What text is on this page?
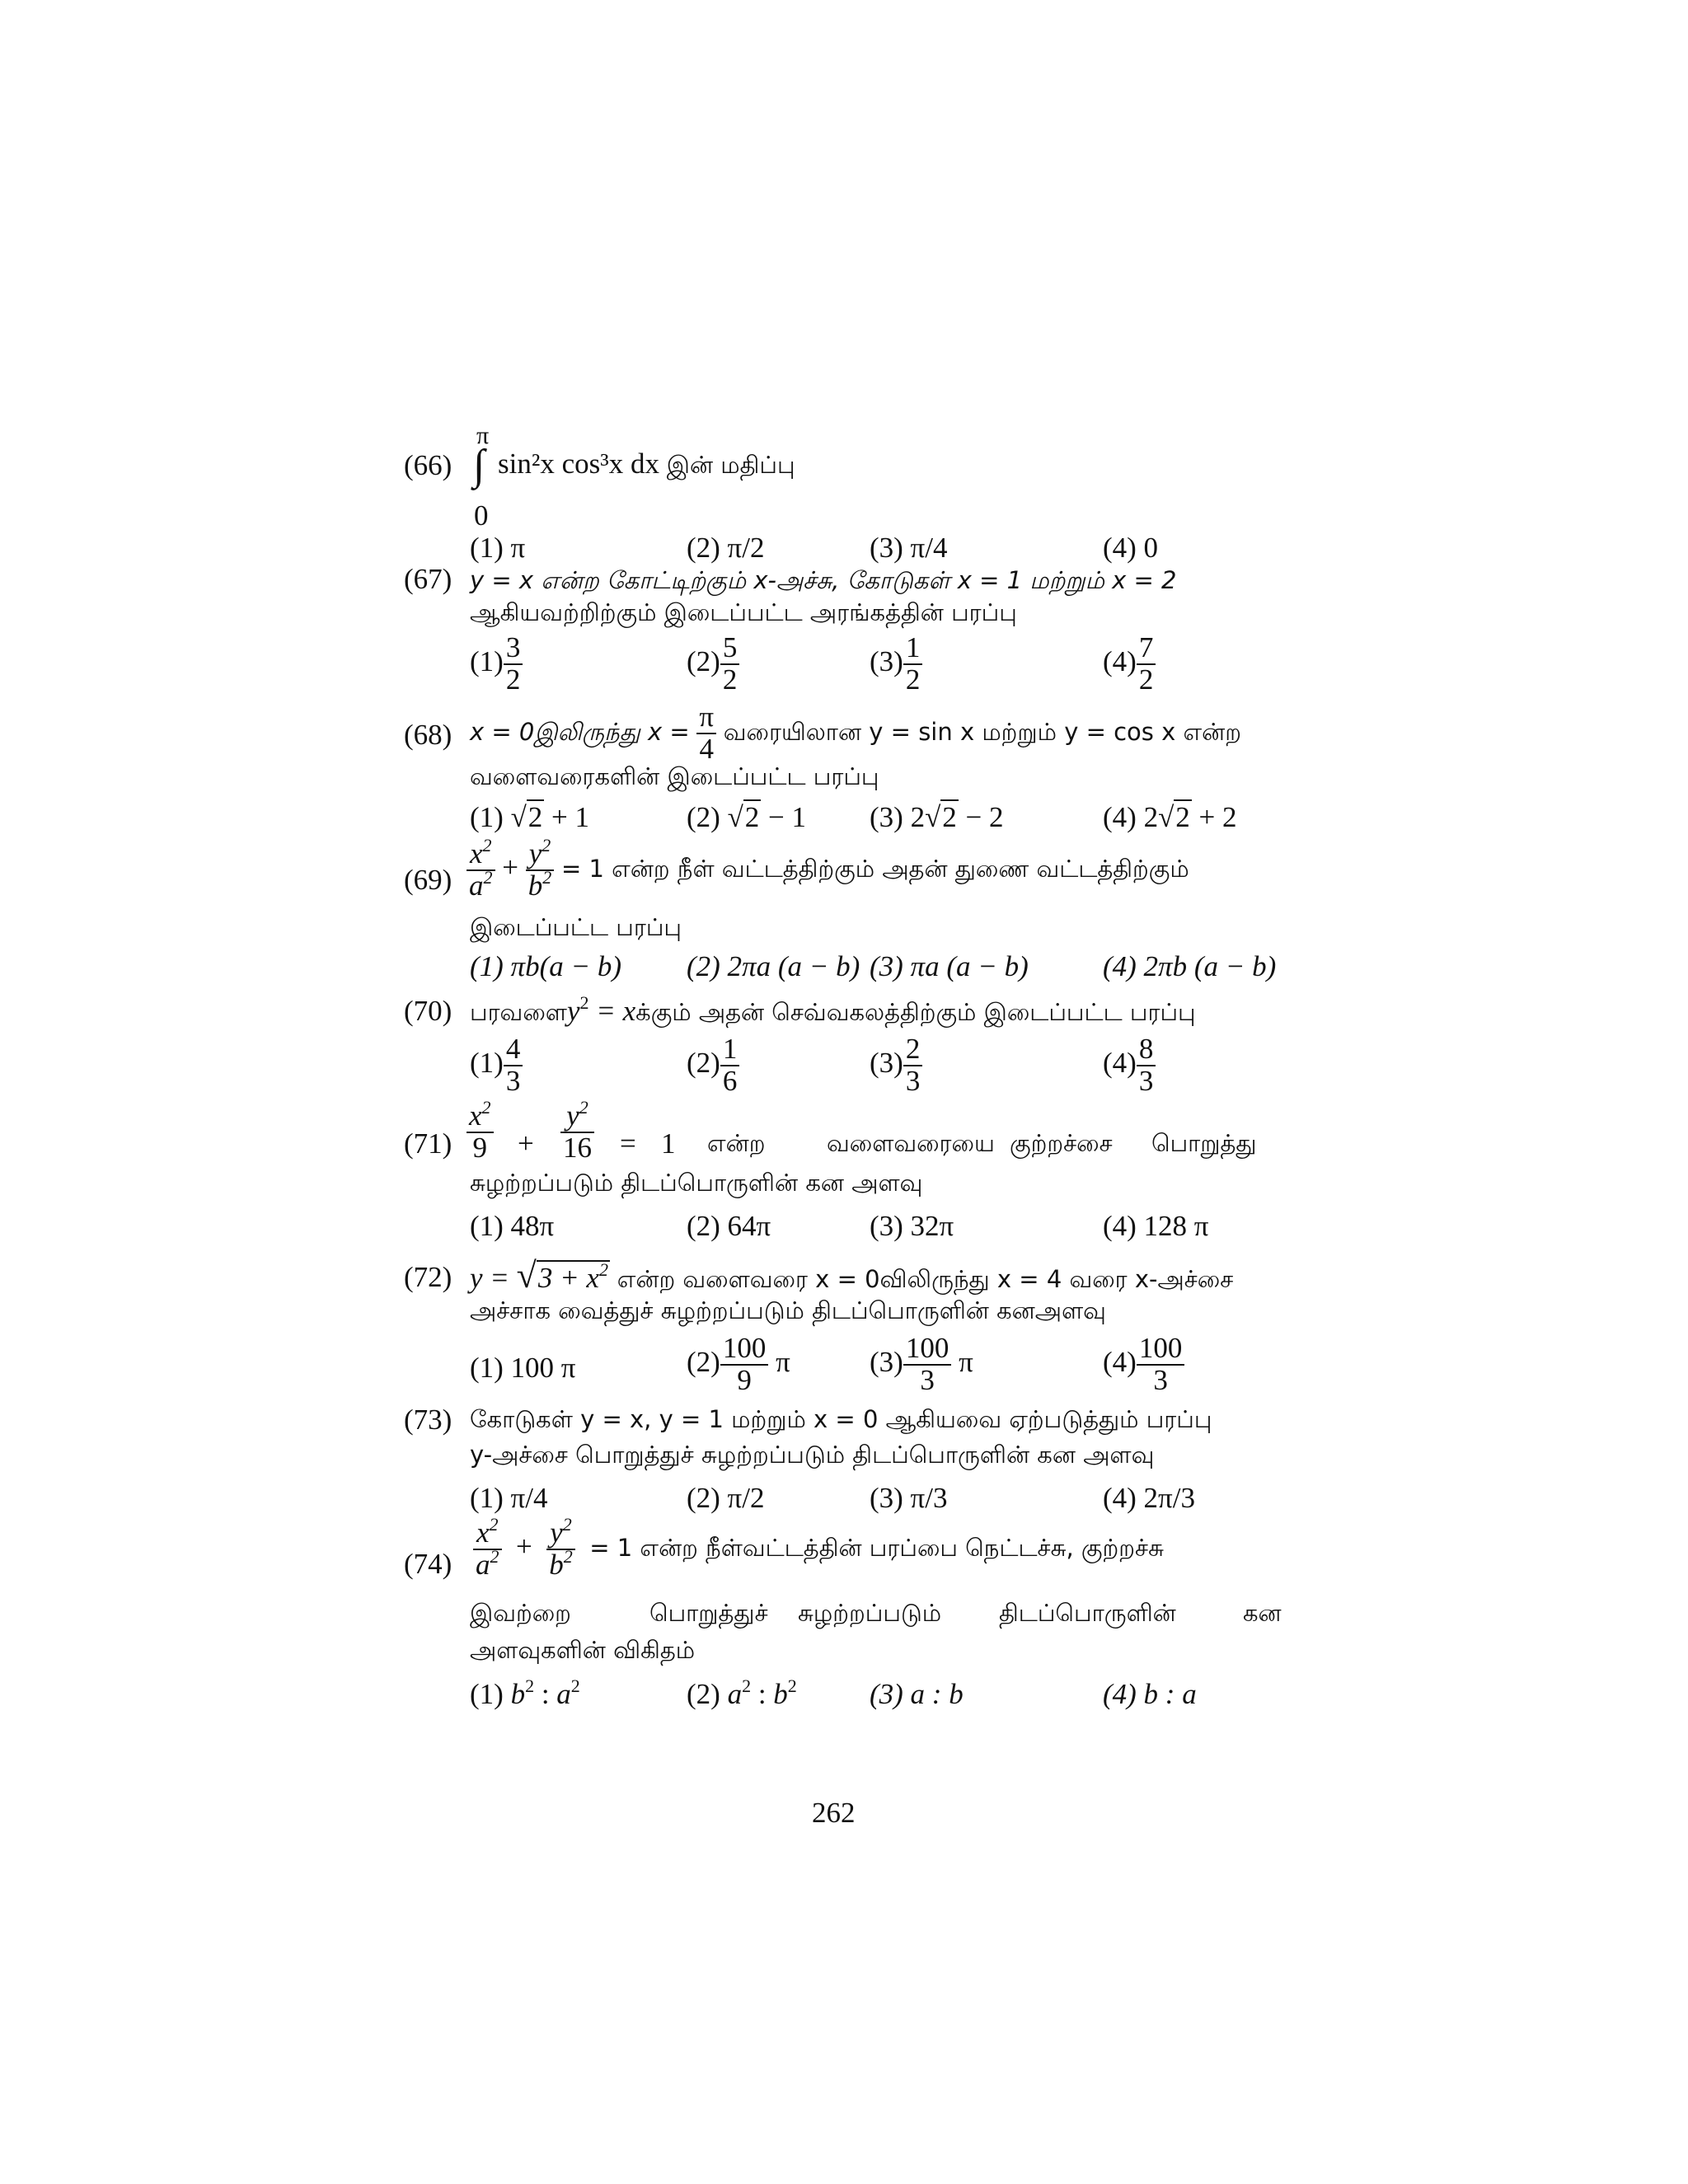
(66)
π
∫
0
sin²x cos³x dx இன் மதிப்பு
(1) π	(2) π/2	(3) π/4	(4) 0
(67) y = x என்ற கோட்டிற்கும் x-அச்சு, கோடுகள் x = 1 மற்றும் x = 2
ஆகியவற்றிற்கும் இடைப்பட்ட அரங்கத்தின் பரப்பு
$(1) \frac{3}{2}$	$(2) \frac{5}{2}$	$(3) \frac{1}{2}$	$(4) \frac{7}{2}$
(68) x = 0இலிருந்து $x = \frac{\pi}{4}$ வரையிலான y = sin x மற்றும் y = cos x என்ற
வளைவரைகளின் இடைப்பட்ட பரப்பு
(1) √2 + 1	(2) √2 − 1 (3) 2√2 − 2	(4) 2√2 + 2
$(69) \frac{x^2}{a^2} + \frac{y^2}{b^2} = 1$ என்ற நீள் வட்டத்திற்கும் அதன் துணை வட்டத்திற்கும்
இடைப்பட்ட பரப்பு
(1) πb(a − b) (2) 2πa (a − b) (3) πa (a − b)	(4) 2πb (a − b)
(70) $பரவளைy^2$ = xக்கும் அதன் செவ்வகலத்திற்கும் இடைப்பட்ட பரப்பு
$(1) \frac{4}{3}$	$(2) \frac{1}{6}$	$(3) \frac{2}{3}$	$(4) \frac{8}{3}$
$(71) \frac{x^2}{9} + \frac{y^2}{16} = 1$ என்ற	வளைவரையை குற்றச்சை பொறுத்து
சுழற்றப்படும் திடப்பொருளின் கன அளவு
(1) 48π	(2) 64π	(3) 32π	(4) 128 π
(72) $y = √3 + x^2$ என்ற வளைவரை x = 0விலிருந்து x = 4 வரை x-அச்சை
அச்சாக வைத்துச் சுழற்றப்படும் திடப்பொருளின் கனஅளவு
(1) 100 π	$(2) \frac{100}{9}$ π	$(3) \frac{100}{3}$ π	$(4) \frac{100}{3}$
(73) கோடுகள் y = x, y = 1 மற்றும் x = 0 ஆகியவை ஏற்படுத்தும் பரப்பு
y-அச்சை பொறுத்துச் சுழற்றப்படும் திடப்பொருளின் கன அளவு
(1) π/4	(2) π/2	(3) π/3	(4) 2π/3
$(74) \frac{x^2}{a^2} + \frac{y^2}{b^2} = 1$ என்ற நீள்வட்டத்தின் பரப்பை நெட்டச்சு, குற்றச்சு
இவற்றை	பொறுத்துச் சுழற்றப்படும் திடப்பொருளின்	கன
அளவுகளின் விகிதம்
(1) $b^2$ : $a^2$	(2) $a^2$ : $b^2$	(3) a : b	(4) b : a
262
